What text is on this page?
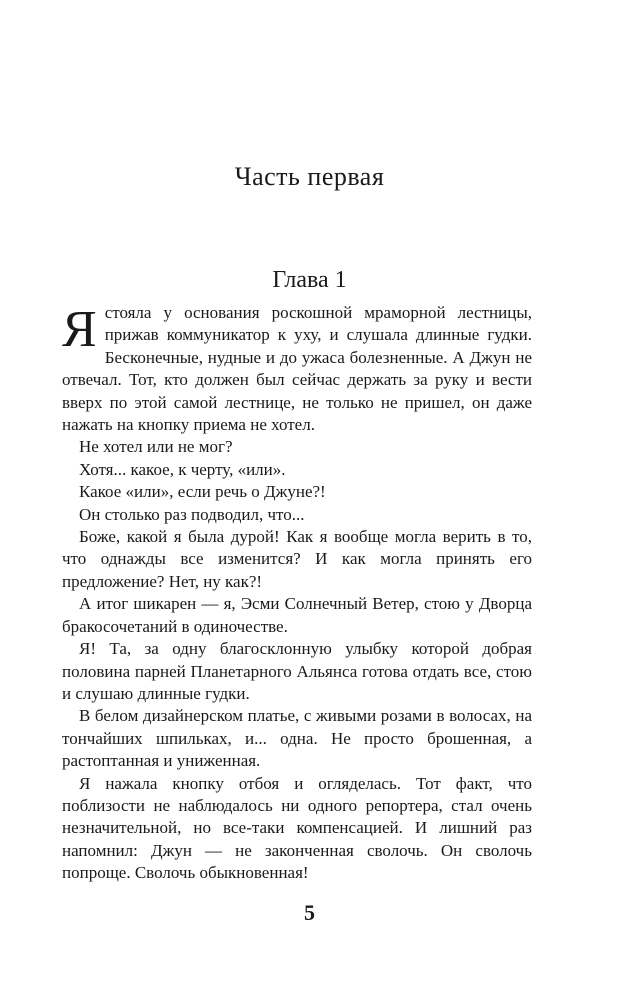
Часть первая
Глава 1

Ястояла у основания роскошной мраморной лестницы, прижав коммуникатор к уху, и слушала длинные гудки. Бесконечные, нудные и до ужаса болезненные. А Джун не отвечал. Тот, кто должен был сейчас держать за руку и вести вверх по этой самой лестнице, не только не пришел, он даже нажать на кнопку приема не хотел.

Не хотел или не мог?

Хотя... какое, к черту, «или».

Какое «или», если речь о Джуне?!

Он столько раз подводил, что...

Боже, какой я была дурой! Как я вообще могла верить в то, что однажды все изменится? И как могла принять его предложение? Нет, ну как?!

А итог шикарен — я, Эсми Солнечный Ветер, стою у Дворца бракосочетаний в одиночестве.

Я! Та, за одну благосклонную улыбку которой добрая половина парней Планетарного Альянса готова отдать все, стою и слушаю длинные гудки.

В белом дизайнерском платье, с живыми розами в волосах, на тончайших шпильках, и... одна. Не просто брошенная, а растоптанная и униженная.

Я нажала кнопку отбоя и огляделась. Тот факт, что поблизости не наблюдалось ни одного репортера, стал очень незначительной, но все-таки компенсацией. И лишний раз напомнил: Джун — не законченная сволочь. Он сволочь попроще. Сволочь обыкновенная!

5
